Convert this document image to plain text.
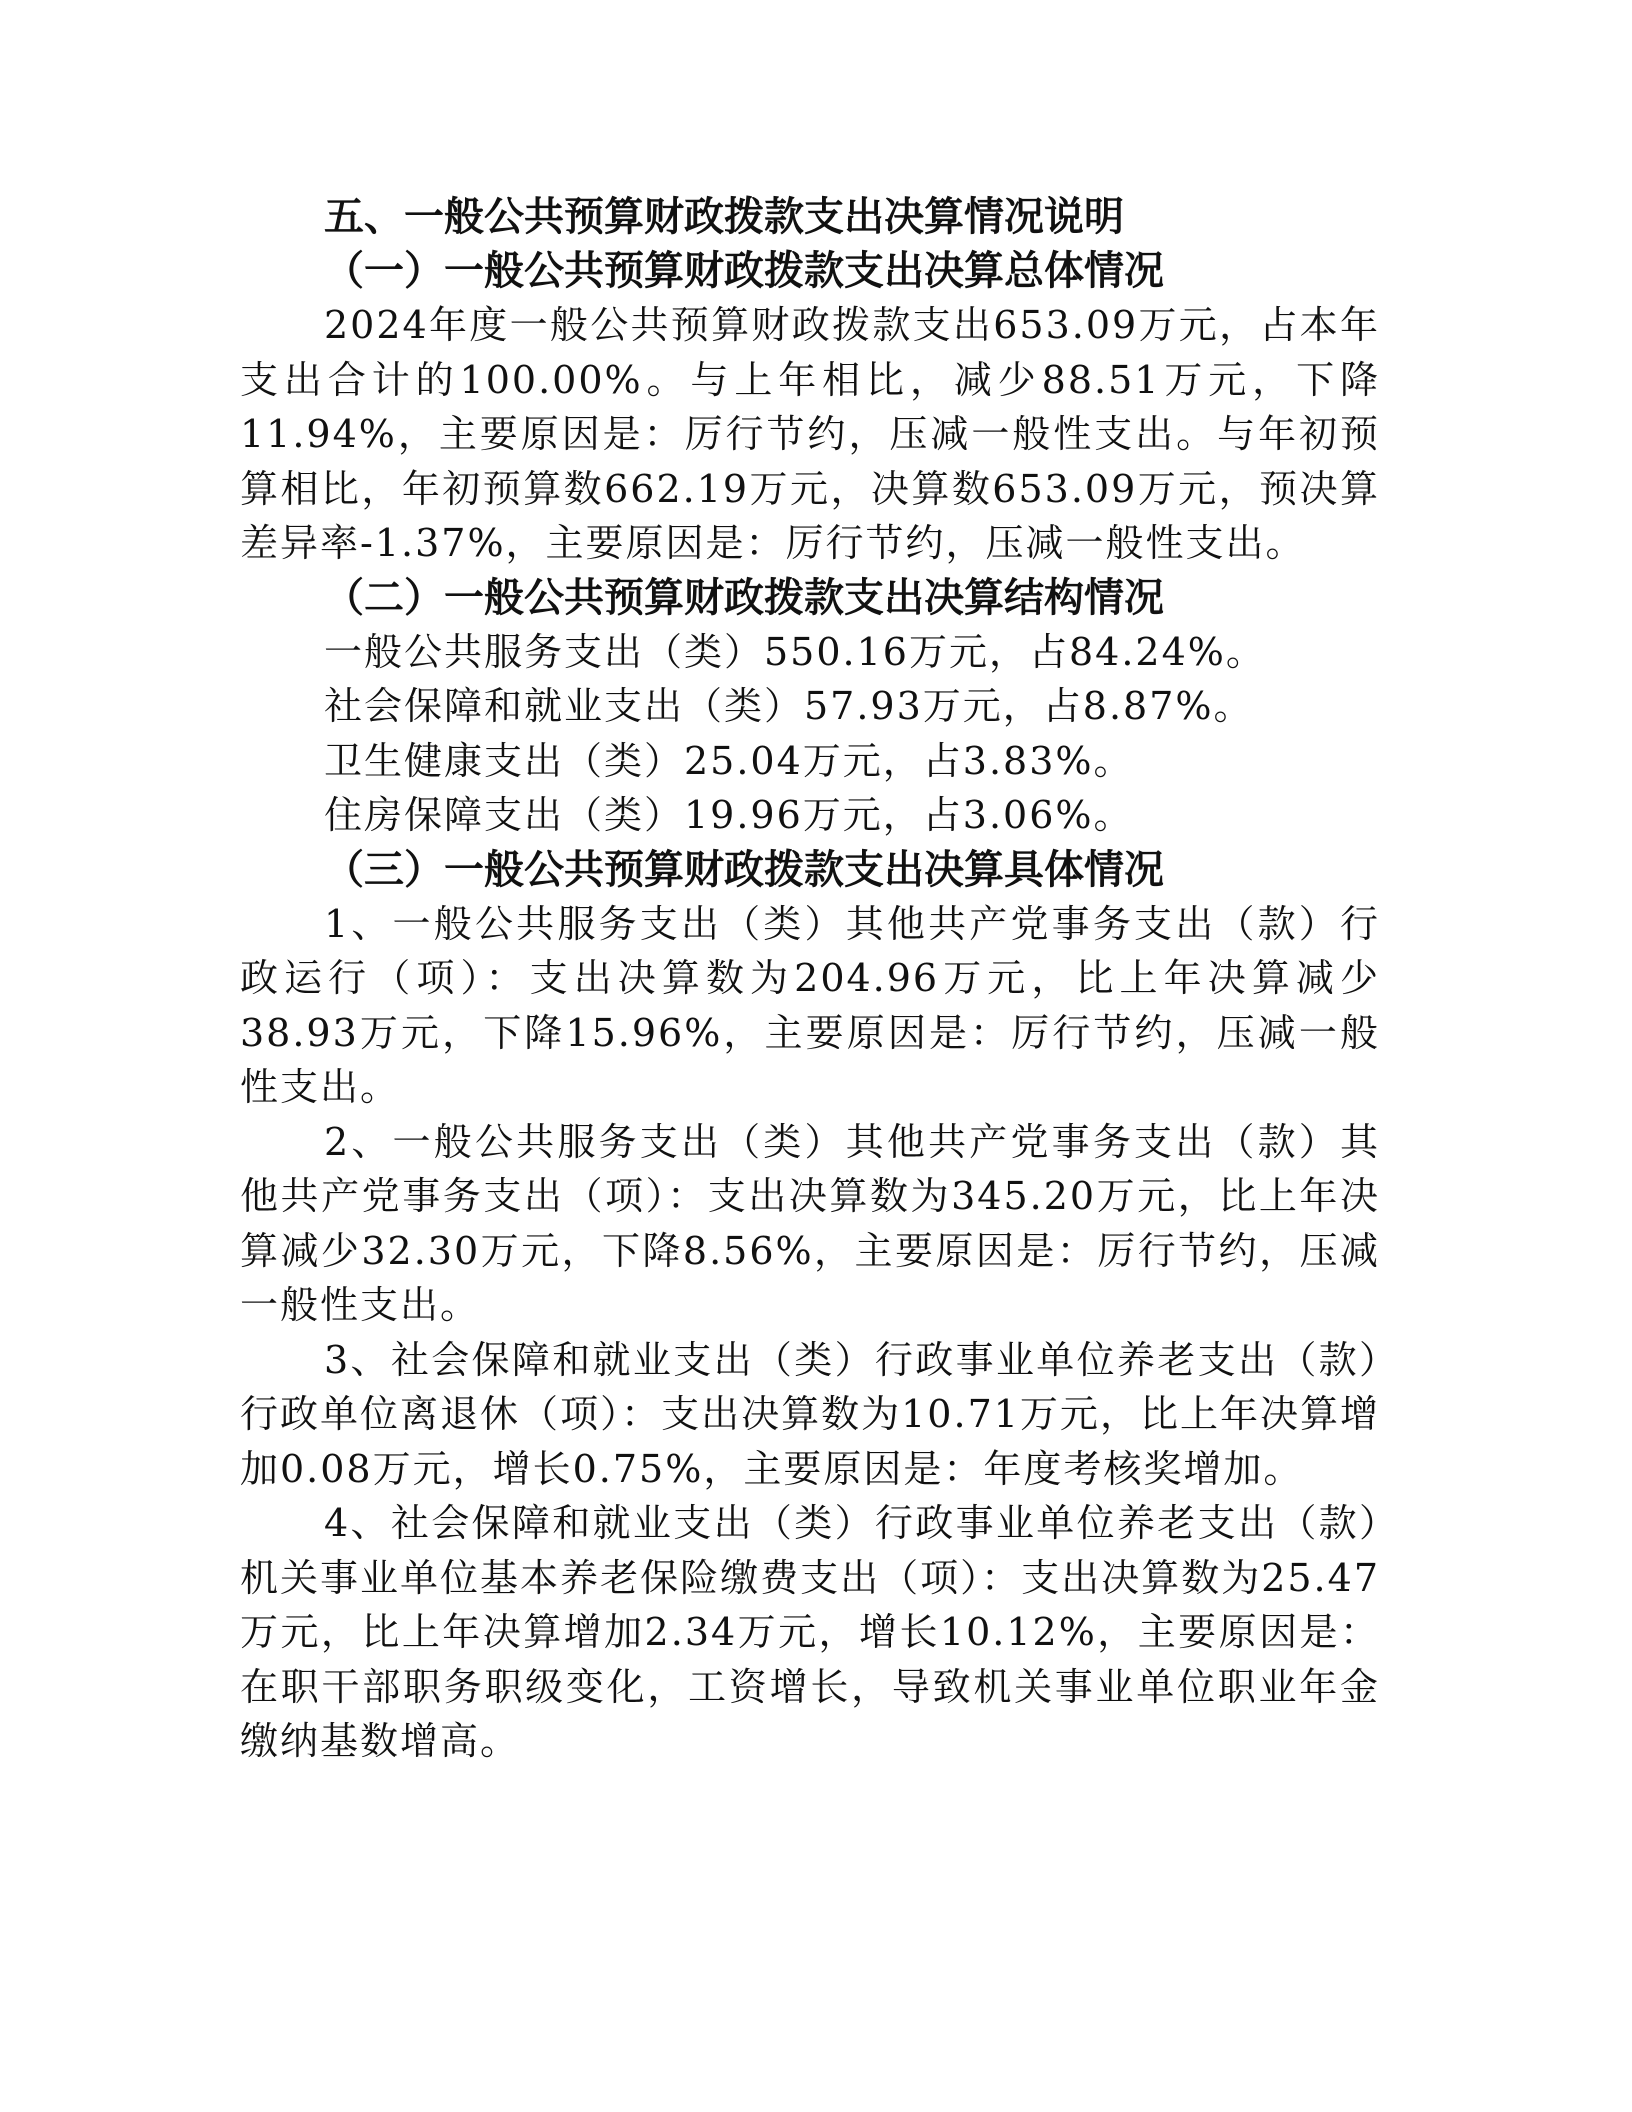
五、一般公共预算财政拨款支出决算情况说明

（一）一般公共预算财政拨款支出决算总体情况

2024年度一般公共预算财政拨款支出653.09万元，占本年支出合计的100.00%。与上年相比，减少88.51万元，下降11.94%，主要原因是：厉行节约，压减一般性支出。与年初预算相比，年初预算数662.19万元，决算数653.09万元，预决算差异率-1.37%，主要原因是：厉行节约，压减一般性支出。

（二）一般公共预算财政拨款支出决算结构情况

一般公共服务支出（类）550.16万元，占84.24%。

社会保障和就业支出（类）57.93万元，占8.87%。

卫生健康支出（类）25.04万元，占3.83%。

住房保障支出（类）19.96万元，占3.06%。

（三）一般公共预算财政拨款支出决算具体情况

1、一般公共服务支出（类）其他共产党事务支出（款）行政运行（项）：支出决算数为204.96万元，比上年决算减少38.93万元，下降15.96%，主要原因是：厉行节约，压减一般性支出。

2、一般公共服务支出（类）其他共产党事务支出（款）其他共产党事务支出（项）：支出决算数为345.20万元，比上年决算减少32.30万元，下降8.56%，主要原因是：厉行节约，压减一般性支出。

3、社会保障和就业支出（类）行政事业单位养老支出（款）行政单位离退休（项）：支出决算数为10.71万元，比上年决算增加0.08万元，增长0.75%，主要原因是：年度考核奖增加。

4、社会保障和就业支出（类）行政事业单位养老支出（款）机关事业单位基本养老保险缴费支出（项）：支出决算数为25.47万元，比上年决算增加2.34万元，增长10.12%，主要原因是：在职干部职务职级变化，工资增长，导致机关事业单位职业年金缴纳基数增高。
